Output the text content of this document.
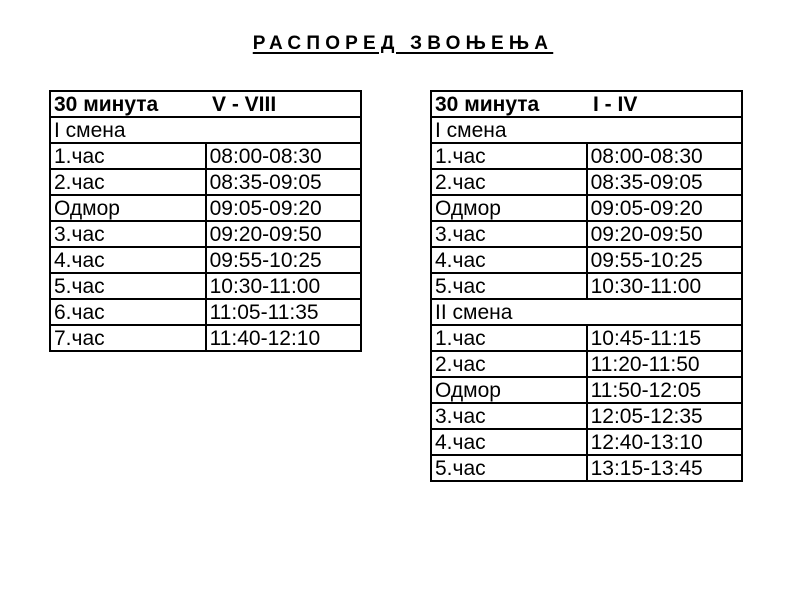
РАСПОРЕД ЗВОЊЕЊА
30 минута V - VIII	
I смена	
1.час	08:00-08:30
2.час	08:35-09:05
Одмор	09:05-09:20
3.час	09:20-09:50
4.час	09:55-10:25
5.час	10:30-11:00
6.час	11:05-11:35
7.час	11:40-12:10
30 минута I - IV	
I смена	
1.час	08:00-08:30
2.час	08:35-09:05
Одмор	09:05-09:20
3.час	09:20-09:50
4.час	09:55-10:25
5.час	10:30-11:00
II смена	
1.час	10:45-11:15
2.час	11:20-11:50
Одмор	11:50-12:05
3.час	12:05-12:35
4.час	12:40-13:10
5.час	13:15-13:45
